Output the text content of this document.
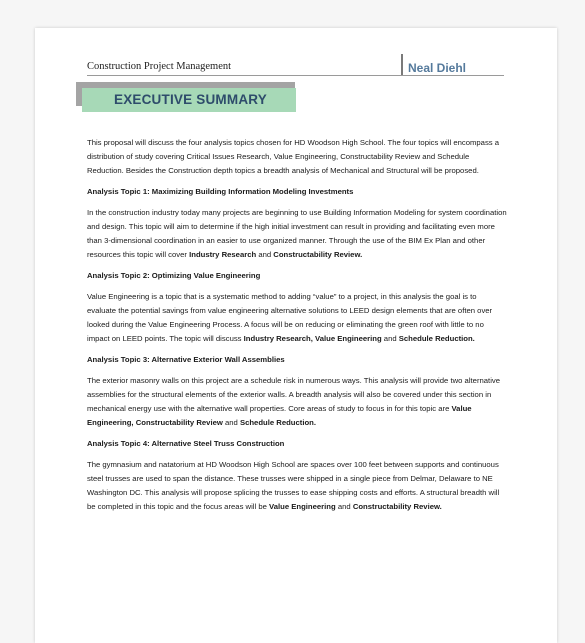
Construction Project Management	Neal Diehl
EXECUTIVE SUMMARY

This proposal will discuss the four analysis topics chosen for HD Woodson High School. The four topics will encompass a distribution of study covering Critical Issues Research, Value Engineering, Constructability Review and Schedule Reduction. Besides the Construction depth topics a breadth analysis of Mechanical and Structural will be proposed.

Analysis Topic 1: Maximizing Building Information Modeling Investments

In the construction industry today many projects are beginning to use Building Information Modeling for system coordination and design. This topic will aim to determine if the high initial investment can result in providing and facilitating even more than 3-dimensional coordination in an easier to use organized manner. Through the use of the BIM Ex Plan and other resources this topic will cover Industry Research and Constructability Review.

Analysis Topic 2: Optimizing Value Engineering

Value Engineering is a topic that is a systematic method to adding “value” to a project, in this analysis the goal is to evaluate the potential savings from value engineering alternative solutions to LEED design elements that are often over looked during the Value Engineering Process. A focus will be on reducing or eliminating the green roof with little to no impact on LEED points. The topic will discuss Industry Research, Value Engineering and Schedule Reduction.

Analysis Topic 3: Alternative Exterior Wall Assemblies

The exterior masonry walls on this project are a schedule risk in numerous ways. This analysis will provide two alternative assemblies for the structural elements of the exterior walls. A breadth analysis will also be covered under this section in mechanical energy use with the alternative wall properties. Core areas of study to focus in for this topic are Value Engineering, Constructability Review and Schedule Reduction.

Analysis Topic 4: Alternative Steel Truss Construction

The gymnasium and natatorium at HD Woodson High School are spaces over 100 feet between supports and continuous steel trusses are used to span the distance. These trusses were shipped in a single piece from Delmar, Delaware to NE Washington DC. This analysis will propose splicing the trusses to ease shipping costs and efforts. A structural breadth will be completed in this topic and the focus areas will be Value Engineering and Constructability Review.
